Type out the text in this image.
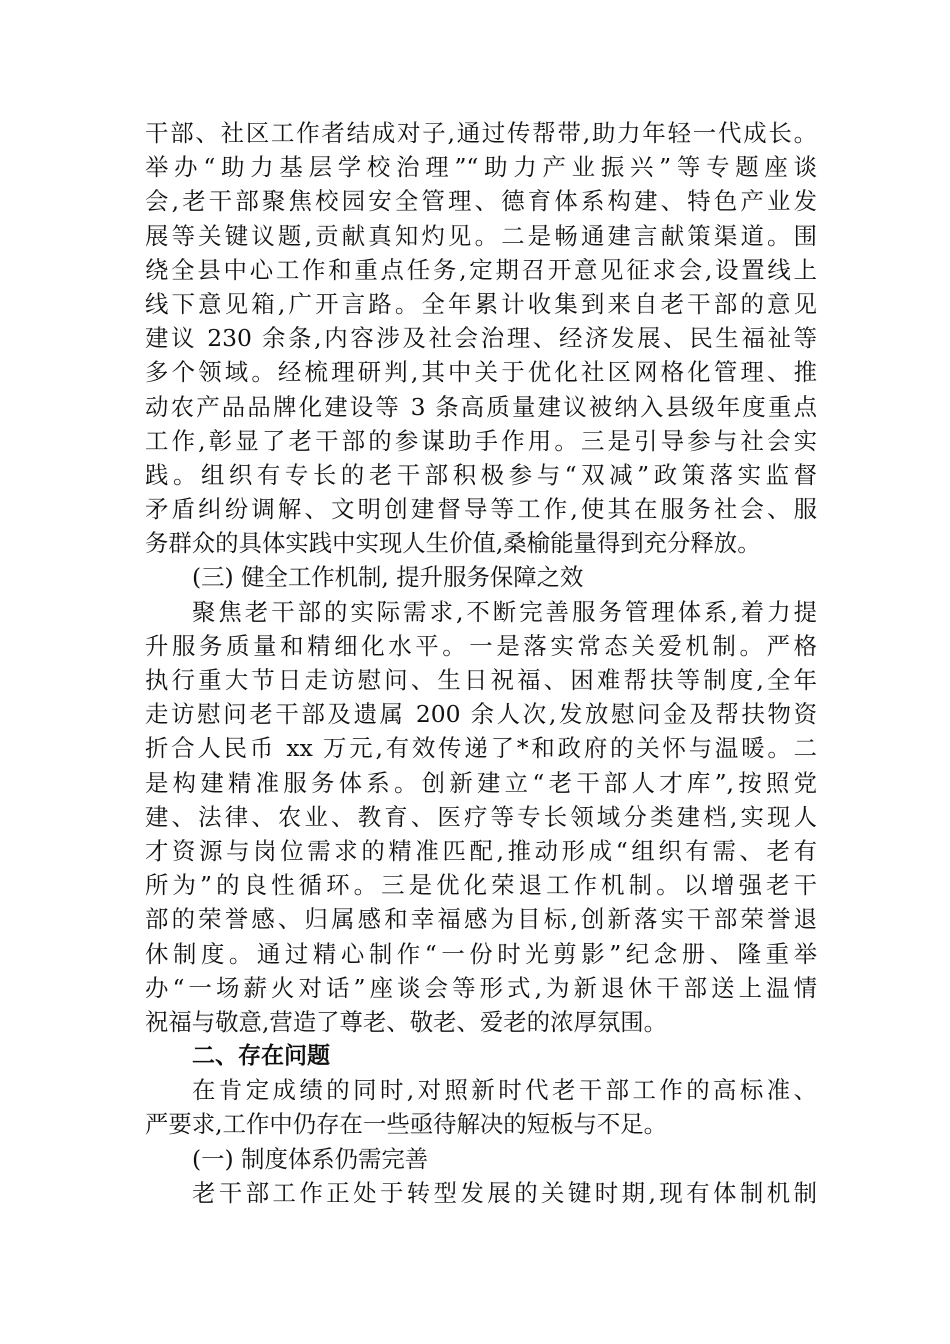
干部、社区工作者结成对子,通过传帮带,助力年轻一代成长。
举办“助力基层学校治理”“助力产业振兴”等专题座谈
会,老干部聚焦校园安全管理、德育体系构建、特色产业发
展等关键议题,贡献真知灼见。二是畅通建言献策渠道。围
绕全县中心工作和重点任务,定期召开意见征求会,设置线上
线下意见箱,广开言路。全年累计收集到来自老干部的意见
建议 230 余条,内容涉及社会治理、经济发展、民生福祉等
多个领域。经梳理研判,其中关于优化社区网格化管理、推
动农产品品牌化建设等 3 条高质量建议被纳入县级年度重点
工作,彰显了老干部的参谋助手作用。三是引导参与社会实
践。组织有专长的老干部积极参与“双减”政策落实监督
矛盾纠纷调解、文明创建督导等工作,使其在服务社会、服
务群众的具体实践中实现人生价值,桑榆能量得到充分释放。
(三) 健全工作机制, 提升服务保障之效
聚焦老干部的实际需求,不断完善服务管理体系,着力提
升服务质量和精细化水平。一是落实常态关爱机制。严格
执行重大节日走访慰问、生日祝福、困难帮扶等制度,全年
走访慰问老干部及遗属 200 余人次,发放慰问金及帮扶物资
折合人民币 xx 万元,有效传递了*和政府的关怀与温暖。二
是构建精准服务体系。创新建立“老干部人才库”,按照党
建、法律、农业、教育、医疗等专长领域分类建档,实现人
才资源与岗位需求的精准匹配,推动形成“组织有需、老有
所为”的良性循环。三是优化荣退工作机制。以增强老干
部的荣誉感、归属感和幸福感为目标,创新落实干部荣誉退
休制度。通过精心制作“一份时光剪影”纪念册、隆重举
办“一场薪火对话”座谈会等形式,为新退休干部送上温情
祝福与敬意,营造了尊老、敬老、爱老的浓厚氛围。
二、存在问题
在肯定成绩的同时,对照新时代老干部工作的高标准、
严要求,工作中仍存在一些亟待解决的短板与不足。
(一) 制度体系仍需完善
老干部工作正处于转型发展的关键时期,现有体制机制
